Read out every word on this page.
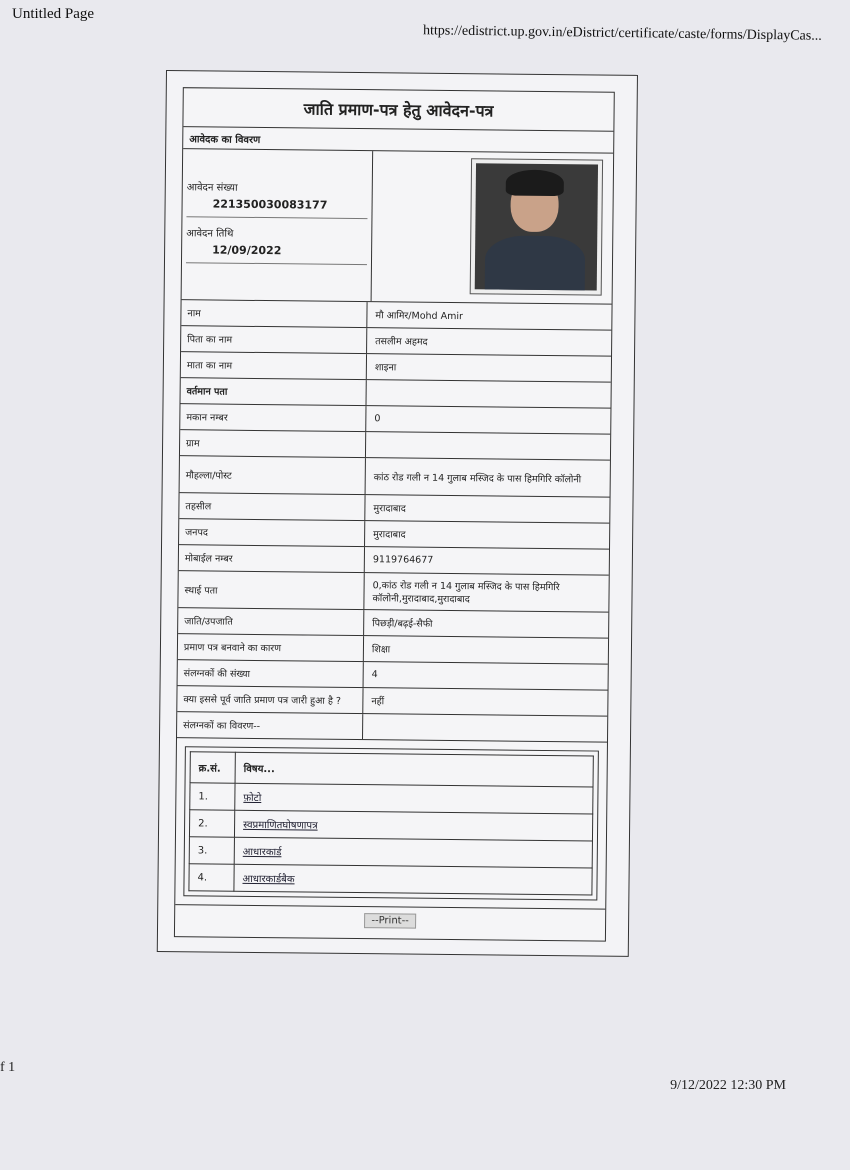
Untitled Page
https://edistrict.up.gov.in/eDistrict/certificate/caste/forms/DisplayCas...
जाति प्रमाण-पत्र हेतु आवेदन-पत्र
आवेदक का विवरण
आवेदन संख्या
221350030083177
आवेदन तिथि
12/09/2022
नाम	मौ आमिर/Mohd Amir
पिता का नाम	तसलीम अहमद
माता का नाम	शाइना
वर्तमान पता
मकान नम्बर	0
ग्राम
मौहल्ला/पोस्ट	कांठ रोड गली न 14 गुलाब मस्जिद के पास हिमगिरि कॉलोनी
तहसील	मुरादाबाद
जनपद	मुरादाबाद
मोबाईल नम्बर	9119764677
स्थाई पता	0,कांठ रोड गली न 14 गुलाब मस्जिद के पास हिमगिरि कॉलोनी,मुरादाबाद,मुरादाबाद
जाति/उपजाति	पिछड़ी/बढ़ई-सैफी
प्रमाण पत्र बनवाने का कारण	शिक्षा
संलग्नकों की संख्या	4
क्या इससे पूर्व जाति प्रमाण पत्र जारी हुआ है ?	नहीं
संलग्नकों का विवरण--
क्र.सं.	विषय...
1.	फ़ोटो
2.	स्वप्रमाणितघोषणापत्र
3.	आधारकार्ड
4.	आधारकार्डबैक
--Print--
f 1
9/12/2022 12:30 PM
